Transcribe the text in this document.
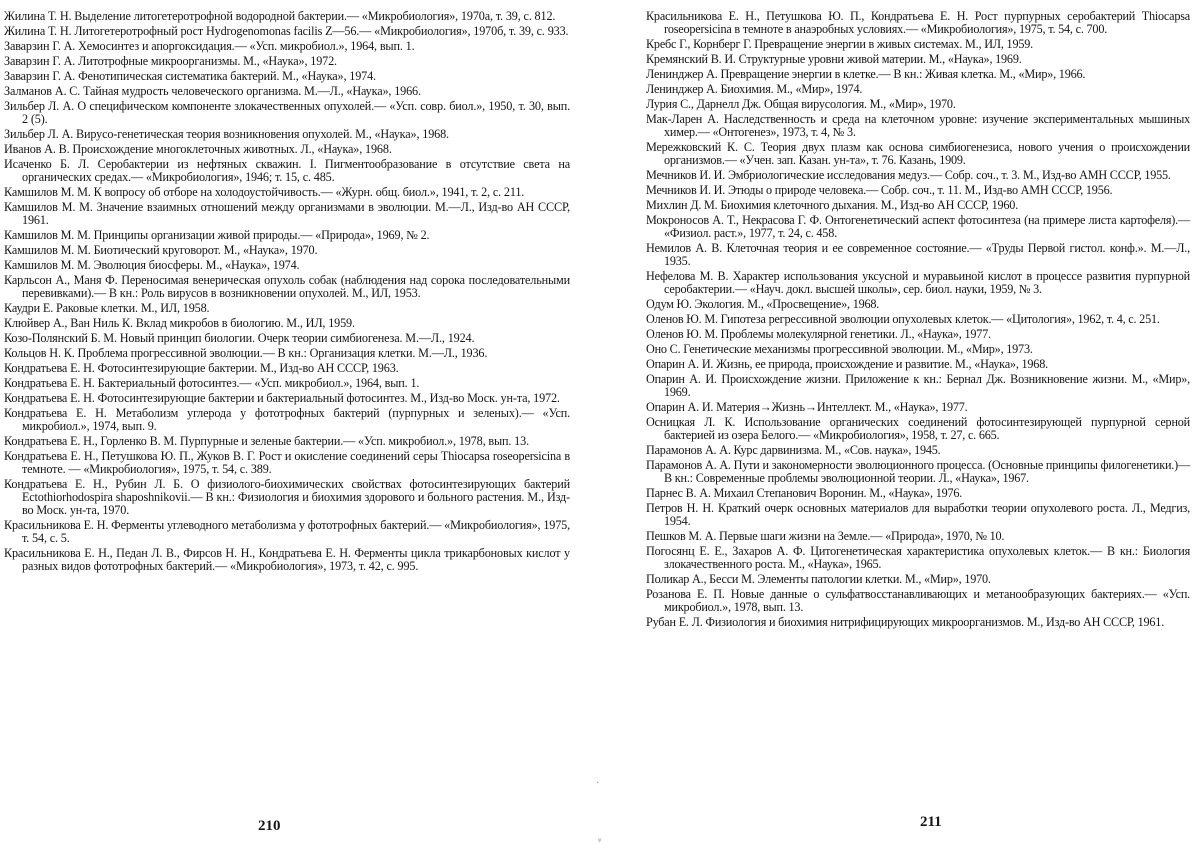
Жилина Т. Н. Выделение литогетеротрофной водородной бактерии.— «Микробиология», 1970а, т. 39, с. 812.
Жилина Т. Н. Литогетеротрофный рост Hydrogenomonas facilis Z—56.— «Микробиология», 1970б, т. 39, с. 933.
Заварзин Г. А. Хемосинтез и апоргоксидация.— «Усп. микробиол.», 1964, вып. 1.
Заварзин Г. А. Литотрофные микроорганизмы. М., «Наука», 1972.
Заварзин Г. А. Фенотипическая систематика бактерий. М., «Наука», 1974.
Залманов А. С. Тайная мудрость человеческого организма. М.—Л., «Наука», 1966.
Зильбер Л. А. О специфическом компоненте злокачественных опухолей.— «Усп. совр. биол.», 1950, т. 30, вып. 2 (5).
Зильбер Л. А. Вирусо-генетическая теория возникновения опухолей. М., «Наука», 1968.
Иванов А. В. Происхождение многоклеточных животных. Л., «Наука», 1968.
Исаченко Б. Л. Серобактерии из нефтяных скважин. I. Пигментообразование в отсутствие света на органических средах.— «Микробиология», 1946; т. 15, с. 485.
Камшилов М. М. К вопросу об отборе на холодоустойчивость.— «Журн. общ. биол.», 1941, т. 2, с. 211.
Камшилов М. М. Значение взаимных отношений между организмами в эволюции. М.—Л., Изд-во АН СССР, 1961.
Камшилов М. М. Принципы организации живой природы.— «Природа», 1969, № 2.
Камшилов М. М. Биотический круговорот. М., «Наука», 1970.
Камшилов М. М. Эволюция биосферы. М., «Наука», 1974.
Карльсон А., Маня Ф. Переносимая венерическая опухоль собак (наблюдения над сорока последовательными перевивками).— В кн.: Роль вирусов в возникновении опухолей. М., ИЛ, 1953.
Каудри Е. Раковые клетки. М., ИЛ, 1958.
Клюйвер А., Ван Ниль К. Вклад микробов в биологию. М., ИЛ, 1959.
Козо-Полянский Б. М. Новый принцип биологии. Очерк теории симбиогенеза. М.—Л., 1924.
Кольцов Н. К. Проблема прогрессивной эволюции.— В кн.: Организация клетки. М.—Л., 1936.
Кондратьева Е. Н. Фотосинтезирующие бактерии. М., Изд-во АН СССР, 1963.
Кондратьева Е. Н. Бактериальный фотосинтез.— «Усп. микробиол.», 1964, вып. 1.
Кондратьева Е. Н. Фотосинтезирующие бактерии и бактериальный фотосинтез. М., Изд-во Моск. ун-та, 1972.
Кондратьева Е. Н. Метаболизм углерода у фототрофных бактерий (пурпурных и зеленых).— «Усп. микробиол.», 1974, вып. 9.
Кондратьева Е. Н., Горленко В. М. Пурпурные и зеленые бактерии.— «Усп. микробиол.», 1978, вып. 13.
Кондратьева Е. Н., Петушкова Ю. П., Жуков В. Г. Рост и окисление соединений серы Thiocapsa roseopersicina в темноте. — «Микробиология», 1975, т. 54, с. 389.
Кондратьева Е. Н., Рубин Л. Б. О физиолого-биохимических свойствах фотосинтезирующих бактерий Ectothiorhodospira shaposhnikovii.— В кн.: Физиология и биохимия здорового и больного растения. М., Изд-во Моск. ун-та, 1970.
Красильникова Е. Н. Ферменты углеводного метаболизма у фототрофных бактерий.— «Микробиология», 1975, т. 54, с. 5.
Красильникова Е. Н., Педан Л. В., Фирсов Н. Н., Кондратьева Е. Н. Ферменты цикла трикарбоновых кислот у разных видов фототрофных бактерий.— «Микробиология», 1973, т. 42, с. 995.
210
ᵠ
·
Красильникова Е. Н., Петушкова Ю. П., Кондратьева Е. Н. Рост пурпурных серобактерий Thiocapsa roseopersicina в темноте в анаэробных условиях.— «Микробиология», 1975, т. 54, с. 700.
Кребс Г., Корнберг Г. Превращение энергии в живых системах. М., ИЛ, 1959.
Кремянский В. И. Структурные уровни живой материи. М., «Наука», 1969.
Ленинджер А. Превращение энергии в клетке.— В кн.: Живая клетка. М., «Мир», 1966.
Ленинджер А. Биохимия. М., «Мир», 1974.
Лурия С., Дарнелл Дж. Общая вирусология. М., «Мир», 1970.
Мак-Ларен А. Наследственность и среда на клеточном уровне: изучение экспериментальных мышиных химер.— «Онтогенез», 1973, т. 4, № 3.
Мережковский К. С. Теория двух плазм как основа симбиогенезиса, нового учения о происхождении организмов.— «Учен. зап. Казан. ун-та», т. 76. Казань, 1909.
Мечников И. И. Эмбриологические исследования медуз.— Собр. соч., т. 3. М., Изд-во АМН СССР, 1955.
Мечников И. И. Этюды о природе человека.— Собр. соч., т. 11. М., Изд-во АМН СССР, 1956.
Михлин Д. М. Биохимия клеточного дыхания. М., Изд-во АН СССР, 1960.
Мокроносов А. Т., Некрасова Г. Ф. Онтогенетический аспект фотосинтеза (на примере листа картофеля).— «Физиол. раст.», 1977, т. 24, с. 458.
Немилов А. В. Клеточная теория и ее современное состояние.— «Труды Первой гистол. конф.». М.—Л., 1935.
Нефелова М. В. Характер использования уксусной и муравьиной кислот в процессе развития пурпурной серобактерии.— «Науч. докл. высшей школы», сер. биол. науки, 1959, № 3.
Одум Ю. Экология. М., «Просвещение», 1968.
Оленов Ю. М. Гипотеза регрессивной эволюции опухолевых клеток.— «Цитология», 1962, т. 4, с. 251.
Оленов Ю. М. Проблемы молекулярной генетики. Л., «Наука», 1977.
Оно С. Генетические механизмы прогрессивной эволюции. М., «Мир», 1973.
Опарин А. И. Жизнь, ее природа, происхождение и развитие. М., «Наука», 1968.
Опарин А. И. Происхождение жизни. Приложение к кн.: Бернал Дж. Возникновение жизни. М., «Мир», 1969.
Опарин А. И. Материя→Жизнь→Интеллект. М., «Наука», 1977.
Осницкая Л. К. Использование органических соединений фотосинтезирующей пурпурной серной бактерией из озера Белого.— «Микробиология», 1958, т. 27, с. 665.
Парамонов А. А. Курс дарвинизма. М., «Сов. наука», 1945.
Парамонов А. А. Пути и закономерности эволюционного процесса. (Основные принципы филогенетики.)— В кн.: Современные проблемы эволюционной теории. Л., «Наука», 1967.
Парнес В. А. Михаил Степанович Воронин. М., «Наука», 1976.
Петров Н. Н. Краткий очерк основных материалов для выработки теории опухолевого роста. Л., Медгиз, 1954.
Пешков М. А. Первые шаги жизни на Земле.— «Природа», 1970, № 10.
Погосянц Е. Е., Захаров А. Ф. Цитогенетическая характеристика опухолевых клеток.— В кн.: Биология злокачественного роста. М., «Наука», 1965.
Поликар А., Бесси М. Элементы патологии клетки. М., «Мир», 1970.
Розанова Е. П. Новые данные о сульфатвосстанавливающих и метанообразующих бактериях.— «Усп. микробиол.», 1978, вып. 13.
Рубан Е. Л. Физиология и биохимия нитрифицирующих микроорганизмов. М., Изд-во АН СССР, 1961.
211
